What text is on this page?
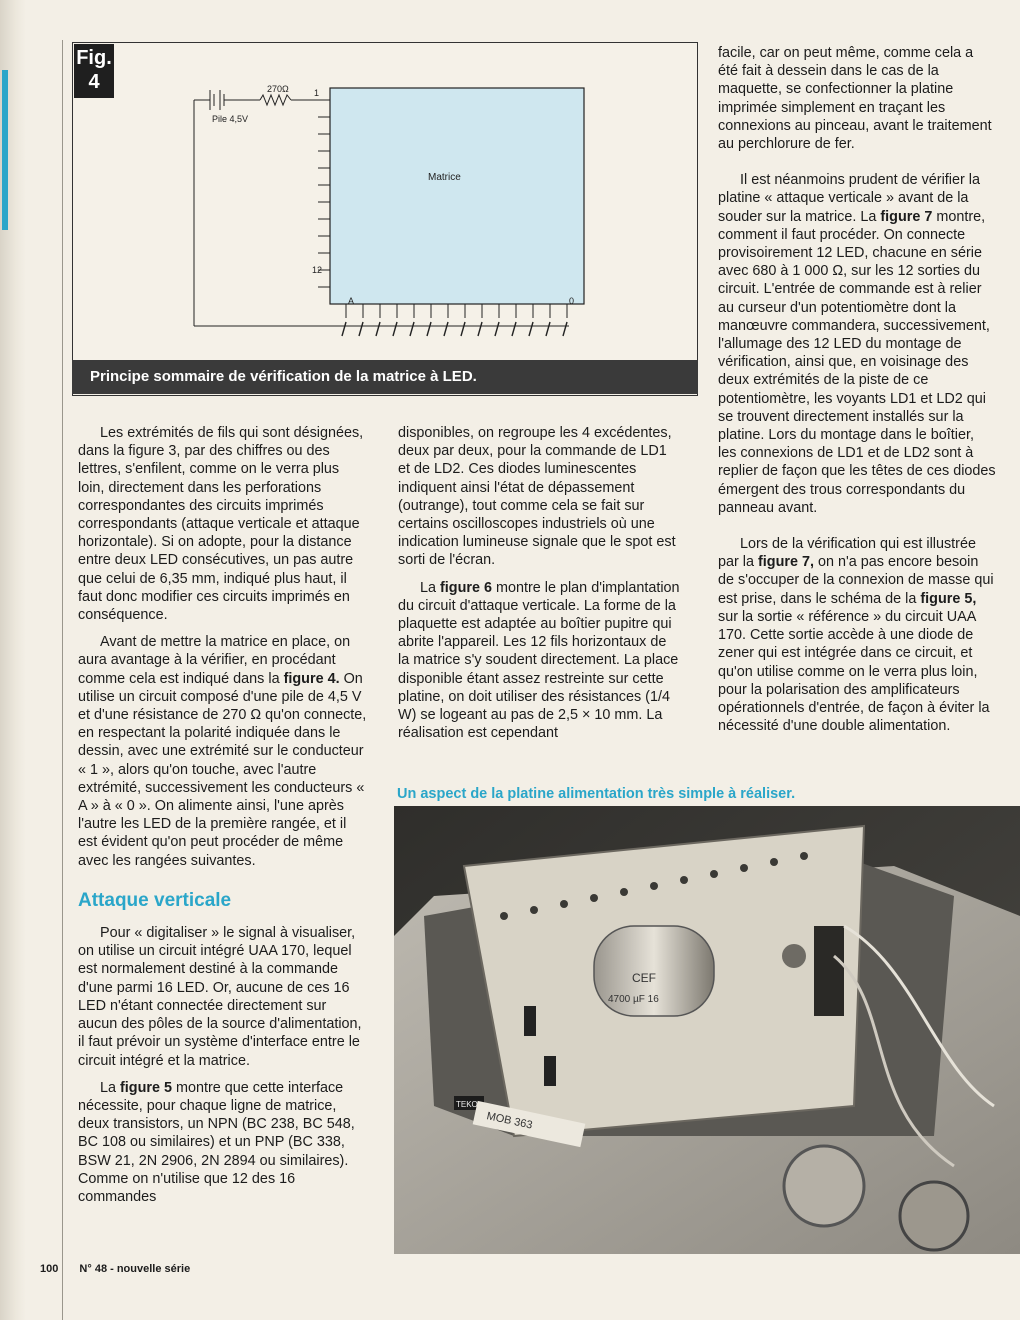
Matrice
270Ω
Pile 4,5V
1
12
A	0
Fig.
4
Principe sommaire de vérification de la matrice à LED.

Les extrémités de fils qui sont désignées, dans la figure 3, par des chiffres ou des lettres, s'enfilent, comme on le verra plus loin, directement dans les perforations correspondantes des circuits imprimés correspondants (attaque verticale et attaque horizontale). Si on adopte, pour la distance entre deux LED consécutives, un pas autre que celui de 6,35 mm, indiqué plus haut, il faut donc modifier ces circuits imprimés en conséquence.

Avant de mettre la matrice en place, on aura avantage à la vérifier, en procédant comme cela est indiqué dans la figure 4. On utilise un circuit composé d'une pile de 4,5 V et d'une résistance de 270 Ω qu'on connecte, en respectant la polarité indiquée dans le dessin, avec une extrémité sur le conducteur « 1 », alors qu'on touche, avec l'autre extrémité, successivement les conducteurs « A » à « 0 ». On alimente ainsi, l'une après l'autre les LED de la première rangée, et il est évident qu'on peut procéder de même avec les rangées suivantes.

Attaque verticale

Pour « digitaliser » le signal à visualiser, on utilise un circuit intégré UAA 170, lequel est normalement destiné à la commande d'une parmi 16 LED. Or, aucune de ces 16 LED n'étant connectée directement sur aucun des pôles de la source d'alimentation, il faut prévoir un système d'interface entre le circuit intégré et la matrice.

La figure 5 montre que cette interface nécessite, pour chaque ligne de matrice, deux transistors, un NPN (BC 238, BC 548, BC 108 ou similaires) et un PNP (BC 338, BSW 21, 2N 2906, 2N 2894 ou similaires). Comme on n'utilise que 12 des 16 commandes

disponibles, on regroupe les 4 excédentes, deux par deux, pour la commande de LD1 et de LD2. Ces diodes luminescentes indiquent ainsi l'état de dépassement (outrange), tout comme cela se fait sur certains oscilloscopes industriels où une indication lumineuse signale que le spot est sorti de l'écran.

La figure 6 montre le plan d'implantation du circuit d'attaque verticale. La forme de la plaquette est adaptée au boîtier pupitre qui abrite l'appareil. Les 12 fils horizontaux de la matrice s'y soudent directement. La place disponible étant assez restreinte sur cette platine, on doit utiliser des résistances (1/4 W) se logeant au pas de 2,5 × 10 mm. La réalisation est cependant

facile, car on peut même, comme cela a été fait à dessein dans le cas de la maquette, se confectionner la platine imprimée simplement en traçant les connexions au pinceau, avant le traitement au perchlorure de fer.

Il est néanmoins prudent de vérifier la platine « attaque verticale » avant de la souder sur la matrice. La figure 7 montre, comment il faut procéder. On connecte provisoirement 12 LED, chacune en série avec 680 à 1 000 Ω, sur les 12 sorties du circuit. L'entrée de commande est à relier au curseur d'un potentiomètre dont la manœuvre commandera, successivement, l'allumage des 12 LED du montage de vérification, ainsi que, en voisinage des deux extrémités de la piste de ce potentiomètre, les voyants LD1 et LD2 qui se trouvent directement installés sur la platine. Lors du montage dans le boîtier, les connexions de LD1 et de LD2 sont à replier de façon que les têtes de ces diodes émergent des trous correspondants du panneau avant.

Lors de la vérification qui est illustrée par la figure 7, on n'a pas encore besoin de s'occuper de la connexion de masse qui est prise, dans le schéma de la figure 5, sur la sortie « référence » du circuit UAA 170. Cette sortie accède à une diode de zener qui est intégrée dans ce circuit, et qu'on utilise comme on le verra plus loin, pour la polarisation des amplificateurs opérationnels d'entrée, de façon à éviter la nécessité d'une double alimentation.

Un aspect de la platine alimentation très simple à réaliser.
CEF
4700 µF 16
TEKO
MOB 363
100 N° 48 - nouvelle série
